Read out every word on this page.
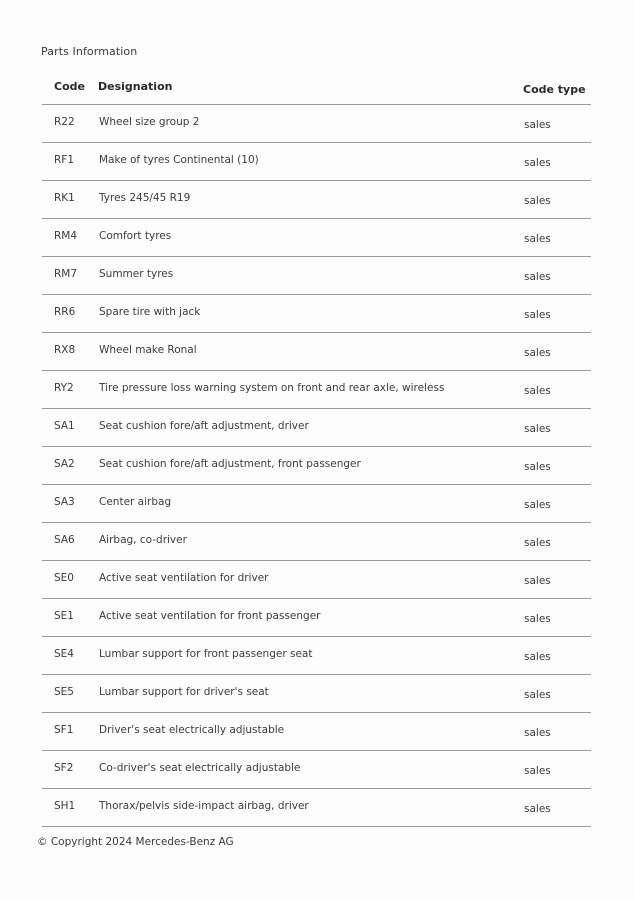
Parts Information
Code Designation	Code type
R22 Wheel size group 2	sales
RF1 Make of tyres Continental (10)	sales
RK1 Tyres 245/45 R19	sales
RM4 Comfort tyres	sales
RM7 Summer tyres	sales
RR6 Spare tire with jack	sales
RX8 Wheel make Ronal	sales
RY2 Tire pressure loss warning system on front and rear axle, wireless	sales
SA1 Seat cushion fore/aft adjustment, driver	sales
SA2 Seat cushion fore/aft adjustment, front passenger	sales
SA3 Center airbag	sales
SA6 Airbag, co-driver	sales
SE0 Active seat ventilation for driver	sales
SE1 Active seat ventilation for front passenger	sales
SE4 Lumbar support for front passenger seat	sales
SE5 Lumbar support for driver's seat	sales
SF1 Driver's seat electrically adjustable	sales
SF2 Co-driver's seat electrically adjustable	sales
SH1 Thorax/pelvis side-impact airbag, driver	sales
© Copyright 2024 Mercedes-Benz AG
